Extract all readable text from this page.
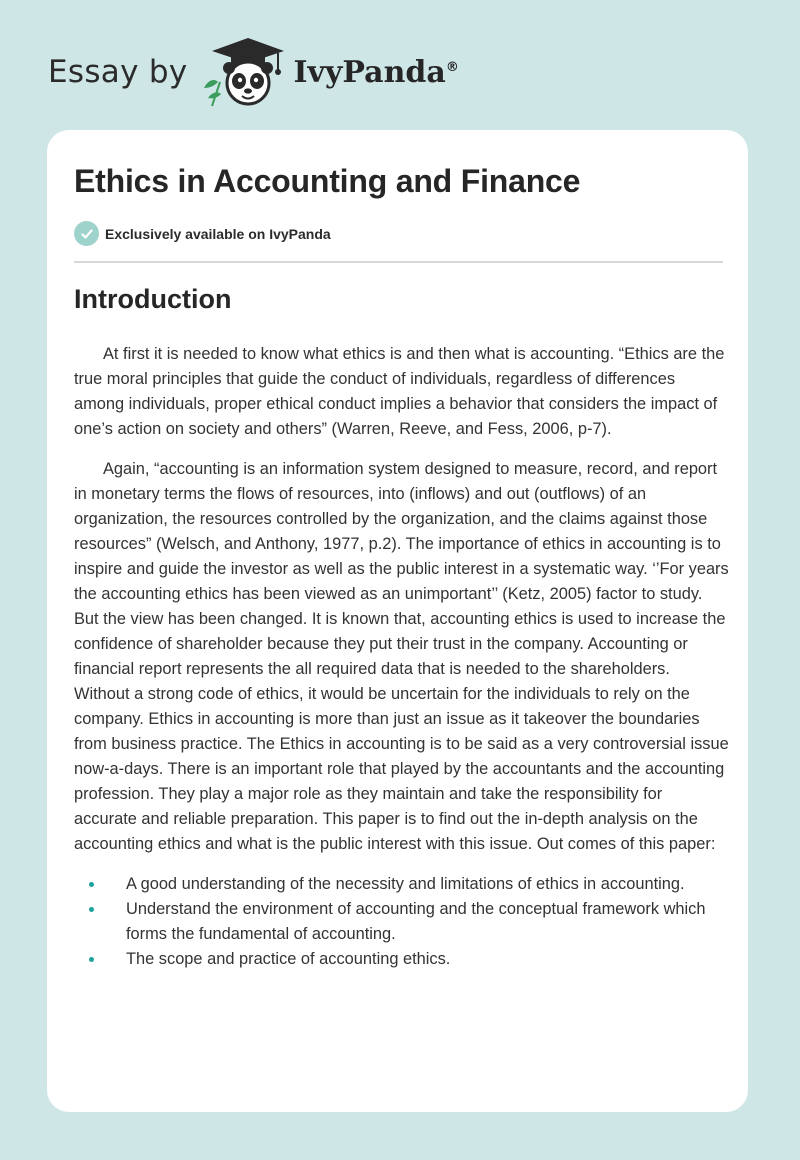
Essay by	IvyPanda®
Ethics in Accounting and Finance
Exclusively available on IvyPanda
Introduction

At first it is needed to know what ethics is and then what is accounting. “Ethics are the true moral principles that guide the conduct of individuals, regardless of differences among individuals, proper ethical conduct implies a behavior that considers the impact of one’s action on society and others” (Warren, Reeve, and Fess, 2006, p-7).

Again, “accounting is an information system designed to measure, record, and report in monetary terms the flows of resources, into (inflows) and out (outflows) of an organization, the resources controlled by the organization, and the claims against those resources” (Welsch, and Anthony, 1977, p.2). The importance of ethics in accounting is to inspire and guide the investor as well as the public interest in a systematic way. ‘’For years the accounting ethics has been viewed as an unimportant’’ (Ketz, 2005) factor to study. But the view has been changed. It is known that, accounting ethics is used to increase the confidence of shareholder because they put their trust in the company. Accounting or financial report represents the all required data that is needed to the shareholders. Without a strong code of ethics, it would be uncertain for the individuals to rely on the company. Ethics in accounting is more than just an issue as it takeover the boundaries from business practice. The Ethics in accounting is to be said as a very controversial issue now-a-days. There is an important role that played by the accountants and the accounting profession. They play a major role as they maintain and take the responsibility for accurate and reliable preparation. This paper is to find out the in-depth analysis on the accounting ethics and what is the public interest with this issue. Out comes of this paper:

A good understanding of the necessity and limitations of ethics in accounting.
Understand the environment of accounting and the conceptual framework which forms the fundamental of accounting.
The scope and practice of accounting ethics.
